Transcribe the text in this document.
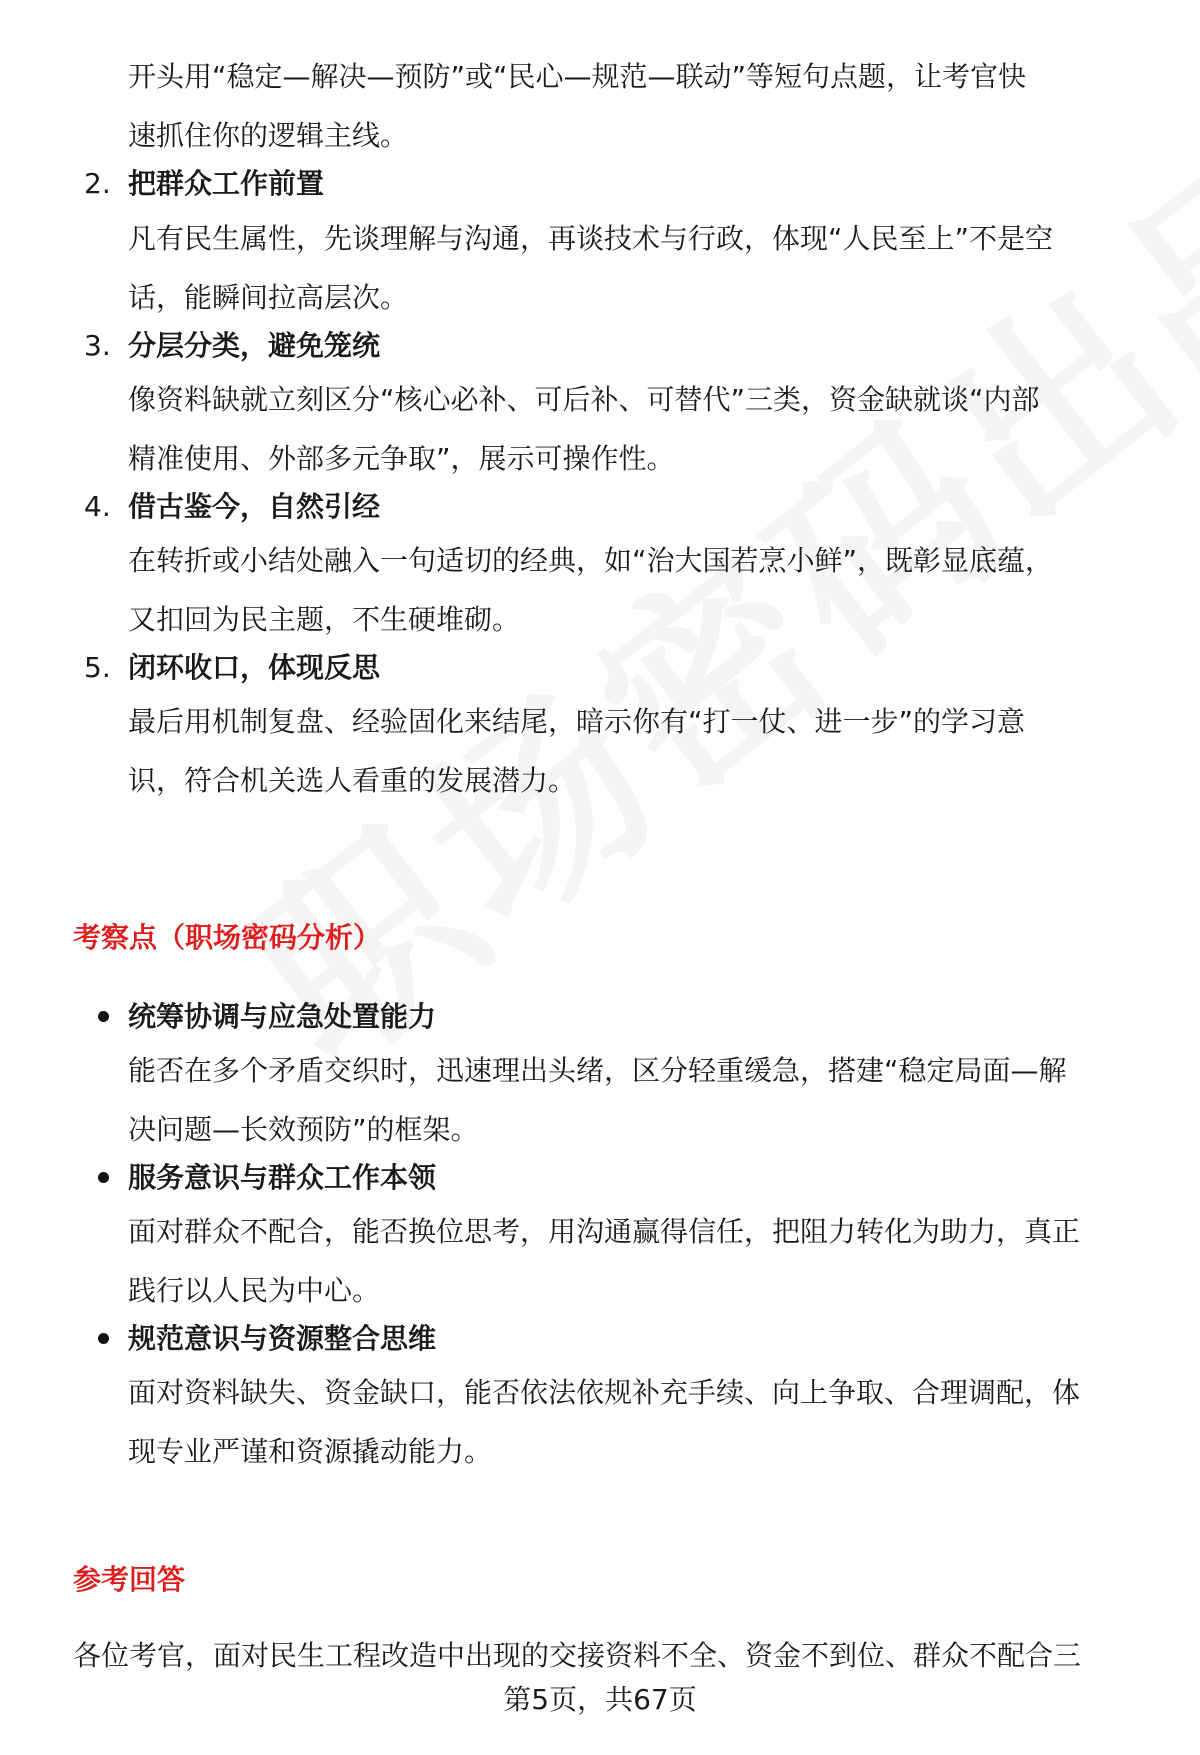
开头用“稳定—解决—预防”或“民心—规范—联动”等短句点题，让考官快
速抓住你的逻辑主线。
2. 把群众工作前置
凡有民生属性，先谈理解与沟通，再谈技术与行政，体现“人民至上”不是空
话，能瞬间拉高层次。
3. 分层分类，避免笼统
像资料缺就立刻区分“核心必补、可后补、可替代”三类，资金缺就谈“内部
精准使用、外部多元争取”，展示可操作性。
4. 借古鉴今，自然引经
在转折或小结处融入一句适切的经典，如“治大国若烹小鲜”，既彰显底蕴，
又扣回为民主题，不生硬堆砌。
5. 闭环收口，体现反思
最后用机制复盘、经验固化来结尾，暗示你有“打一仗、进一步”的学习意
识，符合机关选人看重的发展潜力。
考察点（职场密码分析）
统筹协调与应急处置能力
能否在多个矛盾交织时，迅速理出头绪，区分轻重缓急，搭建“稳定局面—解
决问题—长效预防”的框架。
服务意识与群众工作本领
面对群众不配合，能否换位思考，用沟通赢得信任，把阻力转化为助力，真正
践行以人民为中心。
规范意识与资源整合思维
面对资料缺失、资金缺口，能否依法依规补充手续、向上争取、合理调配，体
现专业严谨和资源撬动能力。
参考回答
各位考官，面对民生工程改造中出现的交接资料不全、资金不到位、群众不配合三
第5页，共67页
